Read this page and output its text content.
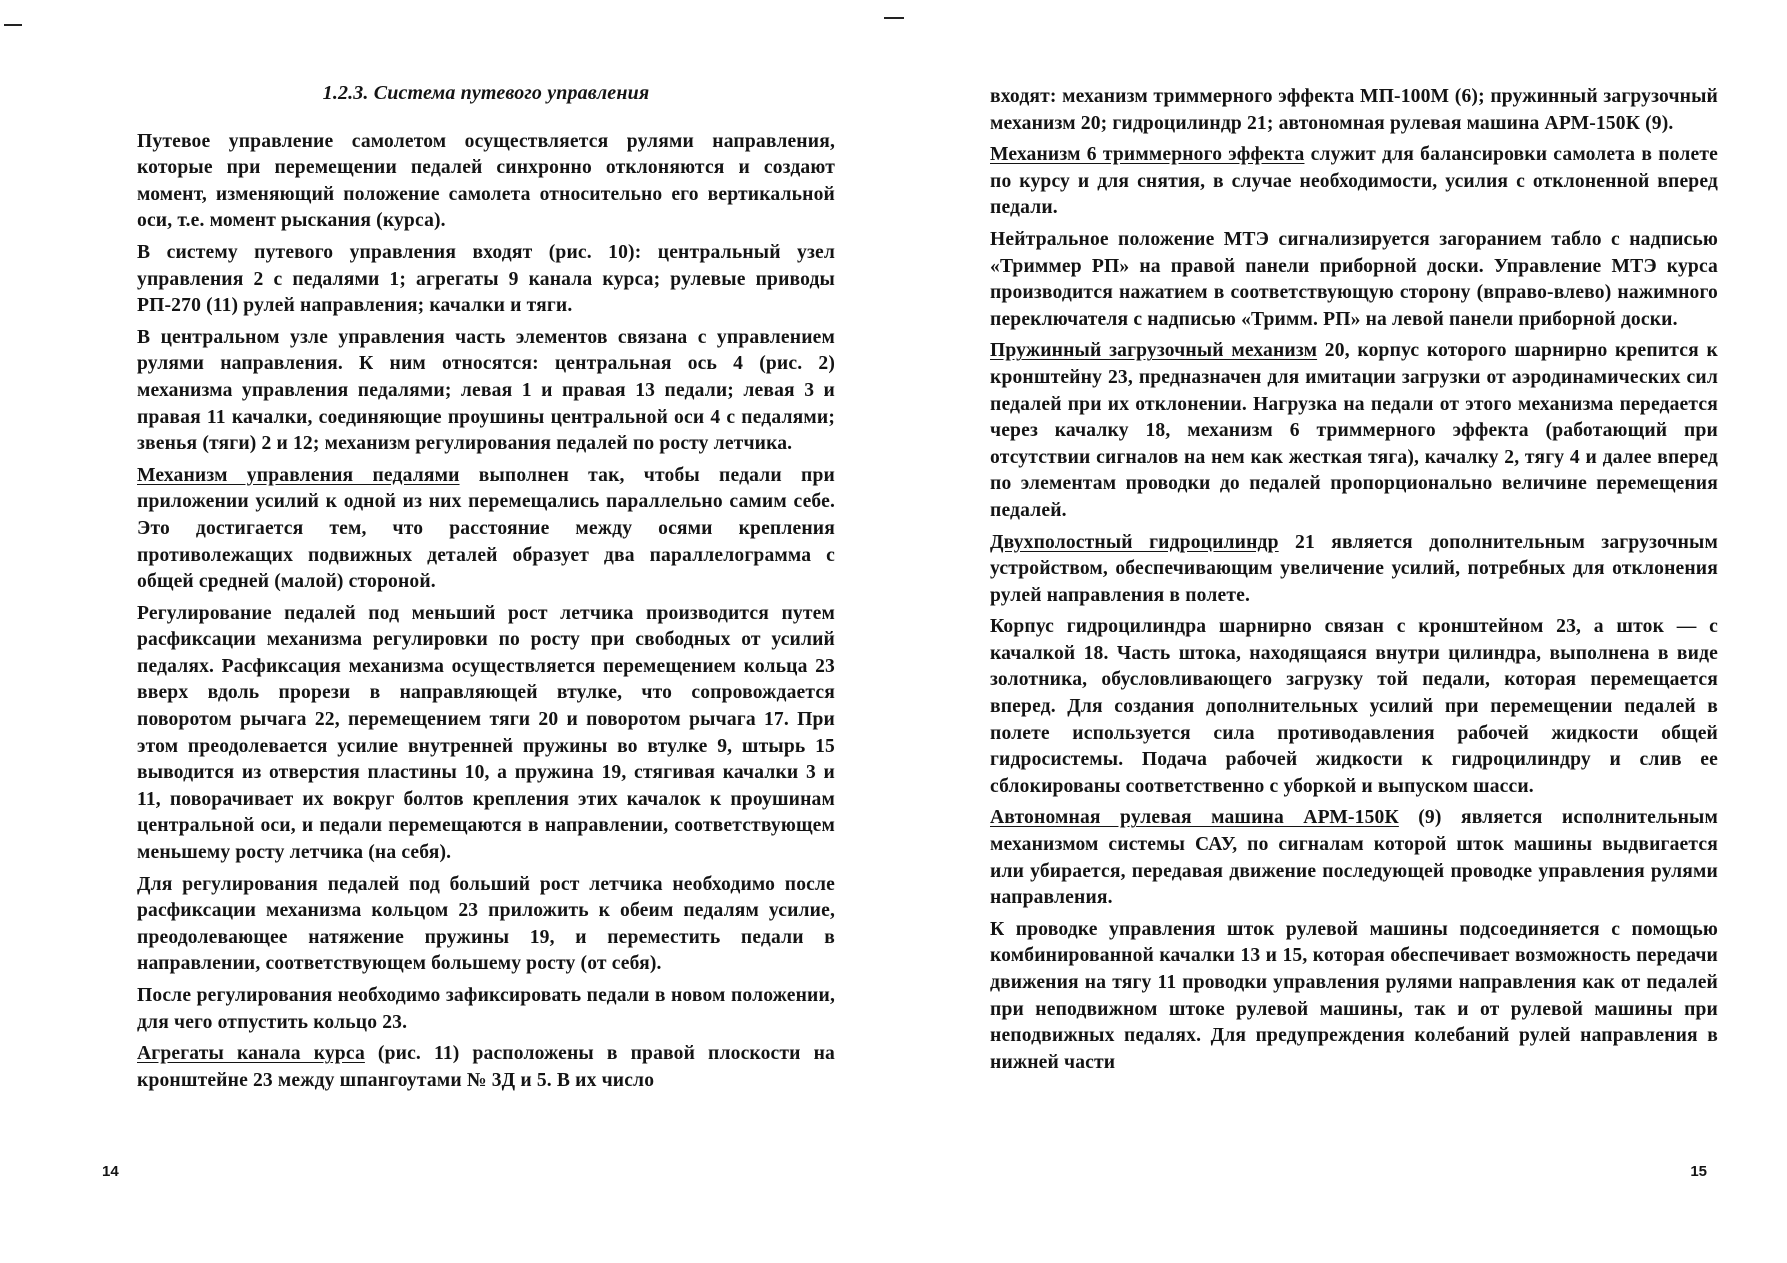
1.2.3. Система путевого управления

Путевое управление самолетом осуществляется рулями направления, которые при перемещении педалей синхронно отклоняются и создают момент, изменяющий положение самолета относительно его вертикальной оси, т.е. момент рыскания (курса).

В систему путевого управления входят (рис. 10): центральный узел управления 2 с педалями 1; агрегаты 9 канала курса; рулевые приводы РП-270 (11) рулей направления; качалки и тяги.

В центральном узле управления часть элементов связана с управлением рулями направления. К ним относятся: центральная ось 4 (рис. 2) механизма управления педалями; левая 1 и правая 13 педали; левая 3 и правая 11 качалки, соединяющие проушины центральной оси 4 с педалями; звенья (тяги) 2 и 12; механизм регулирования педалей по росту летчика.

Механизм управления педалями выполнен так, чтобы педали при приложении усилий к одной из них перемещались параллельно самим себе. Это достигается тем, что расстояние между осями крепления противолежащих подвижных деталей образует два параллелограмма с общей средней (малой) стороной.

Регулирование педалей под меньший рост летчика производится путем расфиксации механизма регулировки по росту при свободных от усилий педалях. Расфиксация механизма осуществляется перемещением кольца 23 вверх вдоль прорези в направляющей втулке, что сопровождается поворотом рычага 22, перемещением тяги 20 и поворотом рычага 17. При этом преодолевается усилие внутренней пружины во втулке 9, штырь 15 выводится из отверстия пластины 10, а пружина 19, стягивая качалки 3 и 11, поворачивает их вокруг болтов крепления этих качалок к проушинам центральной оси, и педали перемещаются в направлении, соответствующем меньшему росту летчика (на себя).

Для регулирования педалей под больший рост летчика необходимо после расфиксации механизма кольцом 23 приложить к обеим педалям усилие, преодолевающее натяжение пружины 19, и переместить педали в направлении, соответствующем большему росту (от себя).

После регулирования необходимо зафиксировать педали в новом положении, для чего отпустить кольцо 23.

Агрегаты канала курса (рис. 11) расположены в правой плоскости на кронштейне 23 между шпангоутами № 3Д и 5. В их число

14

входят: механизм триммерного эффекта МП-100М (6); пружинный загрузочный механизм 20; гидроцилиндр 21; автономная рулевая машина АРМ-150К (9).

Механизм 6 триммерного эффекта служит для балансировки самолета в полете по курсу и для снятия, в случае необходимости, усилия с отклоненной вперед педали.

Нейтральное положение МТЭ сигнализируется загоранием табло с надписью «Триммер РП» на правой панели приборной доски. Управление МТЭ курса производится нажатием в соответствующую сторону (вправо-влево) нажимного переключателя с надписью «Тримм. РП» на левой панели приборной доски.

Пружинный загрузочный механизм 20, корпус которого шарнирно крепится к кронштейну 23, предназначен для имитации загрузки от аэродинамических сил педалей при их отклонении. Нагрузка на педали от этого механизма передается через качалку 18, механизм 6 триммерного эффекта (работающий при отсутствии сигналов на нем как жесткая тяга), качалку 2, тягу 4 и далее вперед по элементам проводки до педалей пропорционально величине перемещения педалей.

Двухполостный гидроцилиндр 21 является дополнительным загрузочным устройством, обеспечивающим увеличение усилий, потребных для отклонения рулей направления в полете.

Корпус гидроцилиндра шарнирно связан с кронштейном 23, а шток — с качалкой 18. Часть штока, находящаяся внутри цилиндра, выполнена в виде золотника, обусловливающего загрузку той педали, которая перемещается вперед. Для создания дополнительных усилий при перемещении педалей в полете используется сила противодавления рабочей жидкости общей гидросистемы. Подача рабочей жидкости к гидроцилиндру и слив ее сблокированы соответственно с уборкой и выпуском шасси.

Автономная рулевая машина АРМ-150К (9) является исполнительным механизмом системы САУ, по сигналам которой шток машины выдвигается или убирается, передавая движение последующей проводке управления рулями направления.

К проводке управления шток рулевой машины подсоединяется с помощью комбинированной качалки 13 и 15, которая обеспечивает возможность передачи движения на тягу 11 проводки управления рулями направления как от педалей при неподвижном штоке рулевой машины, так и от рулевой машины при неподвижных педалях. Для предупреждения колебаний рулей направления в нижней части

15
